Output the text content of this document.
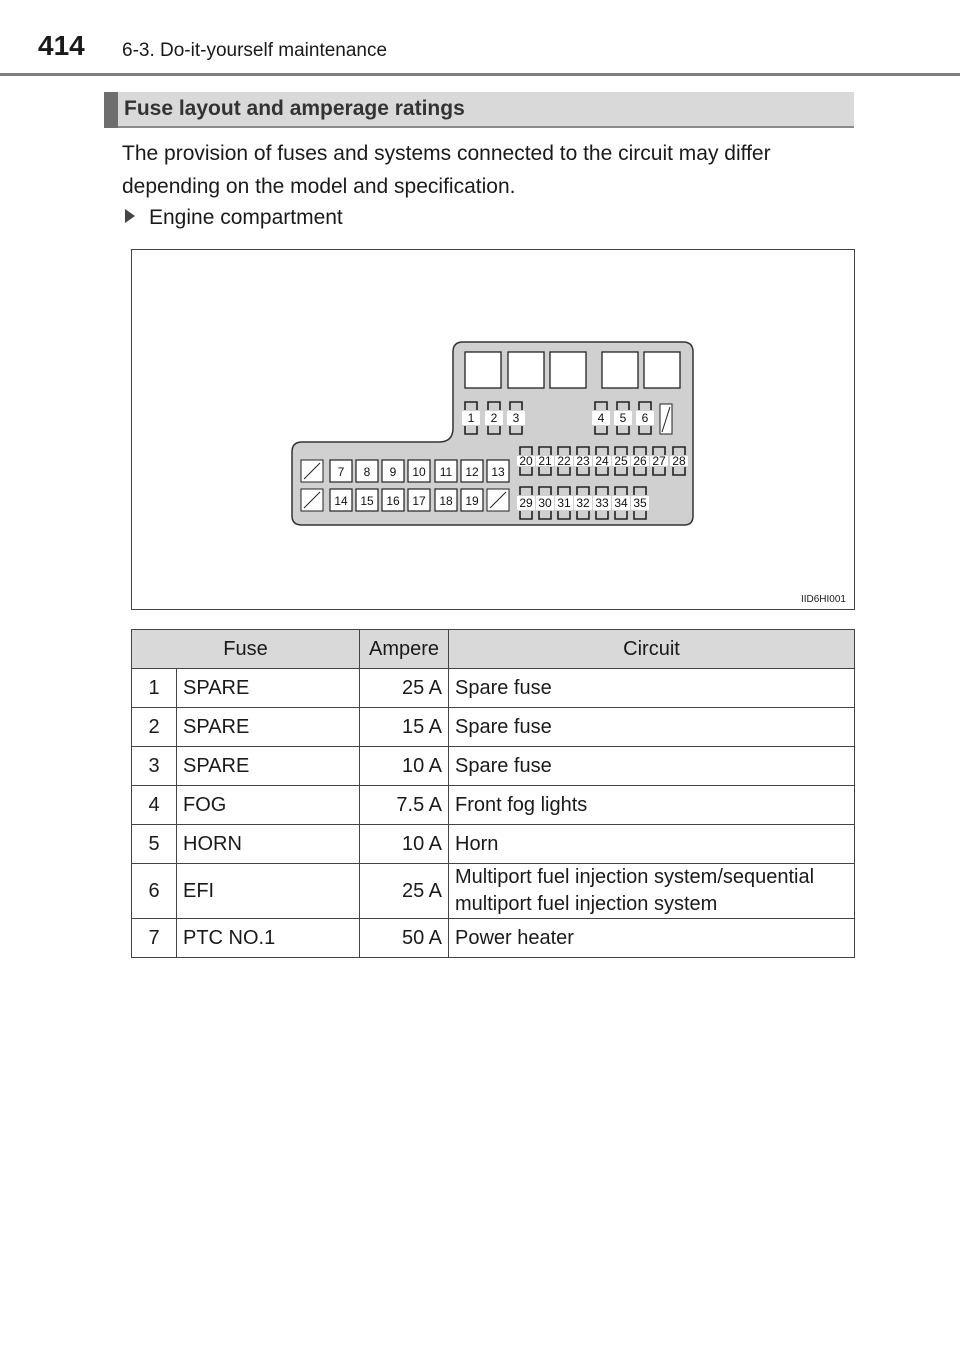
414 6-3. Do-it-yourself maintenance
Fuse layout and amperage ratings
The provision of fuses and systems connected to the circuit may differ depending on the model and specification.
Engine compartment
1 2 3	4 5 6
7 8 9 10 11 12 13
14 15 16 17 18 19
20 21 22 23 24 25 26 27 28
29 30 31 32 33 34 35
IID6HI001
Fuse		Ampere	Circuit
1	SPARE	25 A	Spare fuse
2	SPARE	15 A	Spare fuse
3	SPARE	10 A	Spare fuse
4	FOG	7.5 A	Front fog lights
5	HORN	10 A	Horn
6	EFI	25 A	Multiport fuel injection system/sequential multiport fuel injection system
7	PTC NO.1	50 A	Power heater
